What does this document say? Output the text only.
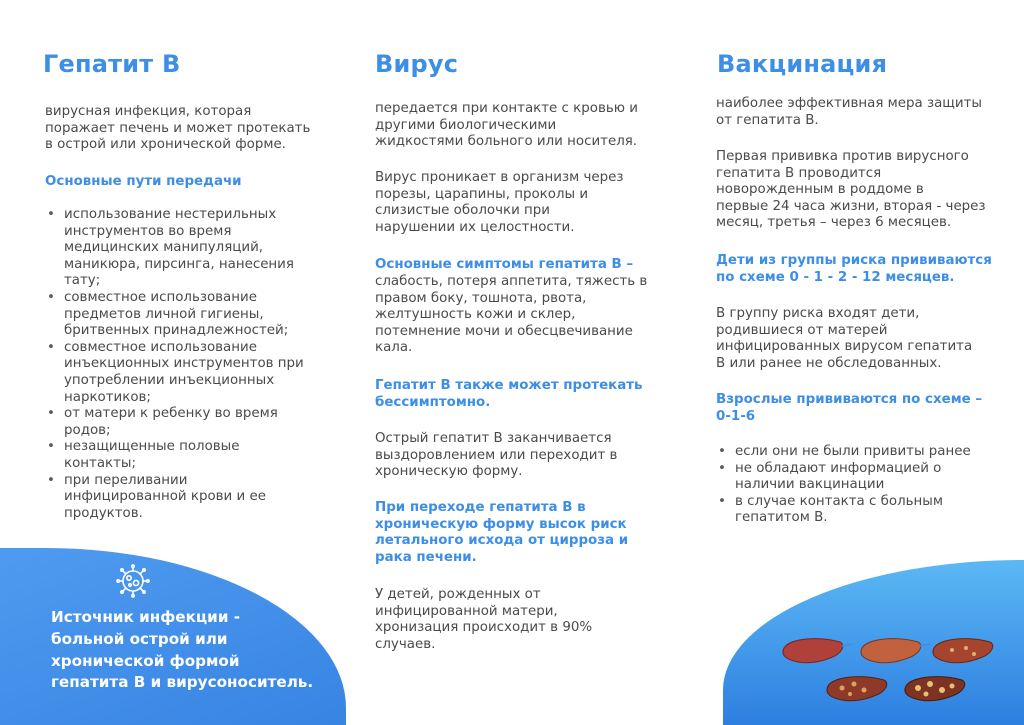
Гепатит В
вирусная инфекция, которая
поражает печень и может протекать
в острой или хронической форме.
Основные пути передачи
• использование нестерильных
инструментов во время
медицинских манипуляций,
маникюра, пирсинга, нанесения
тату;
• совместное использование
предметов личной гигиены,
бритвенных принадлежностей;
• совместное использование
инъекционных инструментов при
употреблении инъекционных
наркотиков;
• от матери к ребенку во время
родов;
• незащищенные половые
контакты;
• при переливании
инфицированной крови и ее
продуктов.
Источник инфекции -
больной острой или
хронической формой
гепатита В и вирусоноситель.
Вирус
передается при контакте с кровью и
другими биологическими
жидкостями больного или носителя.
Вирус проникает в организм через
порезы, царапины, проколы и
слизистые оболочки при
нарушении их целостности.
Основные симптомы гепатита В –
слабость, потеря аппетита, тяжесть в
правом боку, тошнота, рвота,
желтушность кожи и склер,
потемнение мочи и обесцвечивание
кала.
Гепатит В также может протекать
бессимптомно.
Острый гепатит В заканчивается
выздоровлением или переходит в
хроническую форму.
При переходе гепатита В в
хроническую форму высок риск
летального исхода от цирроза и
рака печени.
У детей, рожденных от
инфицированной матери,
хронизация происходит в 90%
случаев.
Вакцинация
наиболее эффективная мера защиты
от гепатита В.
Первая прививка против вирусного
гепатита В проводится
новорожденным в роддоме в
первые 24 часа жизни, вторая - через
месяц, третья – через 6 месяцев.
Дети из группы риска прививаются
по схеме 0 - 1 - 2 - 12 месяцев.
В группу риска входят дети,
родившиеся от матерей
инфицированных вирусом гепатита
В или ранее не обследованных.
Взрослые прививаются по схеме –
0-1-6
• если они не были привиты ранее
• не обладают информацией о
наличии вакцинации
• в случае контакта с больным
гепатитом В.
